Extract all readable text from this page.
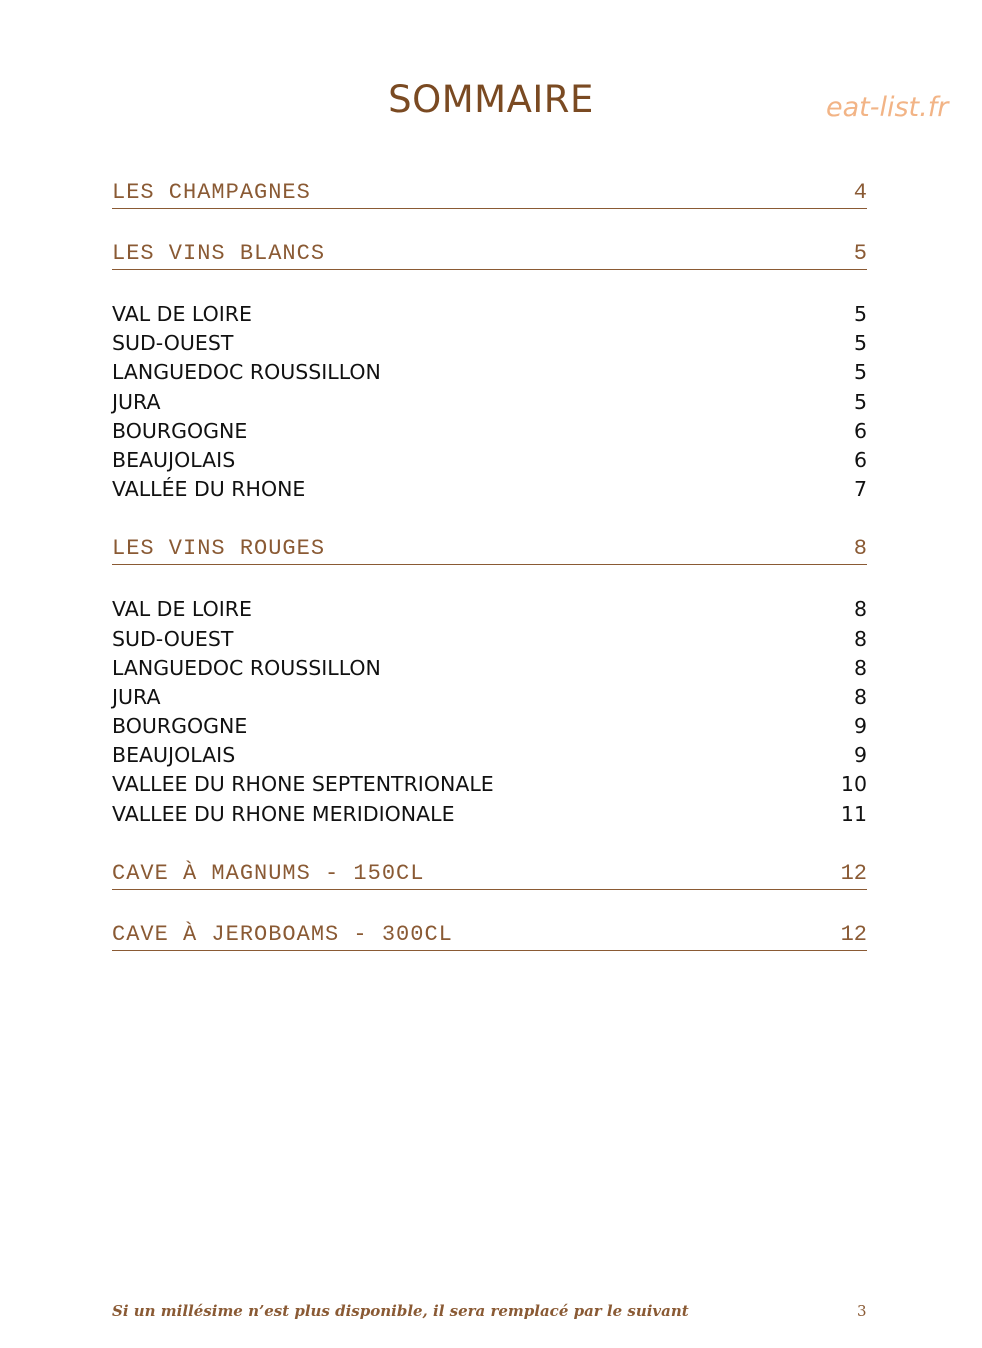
SOMMAIRE	eat-list.fr
LES CHAMPAGNES	4
LES VINS BLANCS	5
VAL DE LOIRE	5
SUD-OUEST	5
LANGUEDOC ROUSSILLON	5
JURA	5
BOURGOGNE	6
BEAUJOLAIS	6
VALLÉE DU RHONE	7
LES VINS ROUGES	8
VAL DE LOIRE	8
SUD-OUEST	8
LANGUEDOC ROUSSILLON	8
JURA	8
BOURGOGNE	9
BEAUJOLAIS	9
VALLEE DU RHONE SEPTENTRIONALE	10
VALLEE DU RHONE MERIDIONALE	11
CAVE À MAGNUMS - 150CL	12
CAVE À JEROBOAMS - 300CL	12
Si un millésime n’est plus disponible, il sera remplacé par le suivant	3
